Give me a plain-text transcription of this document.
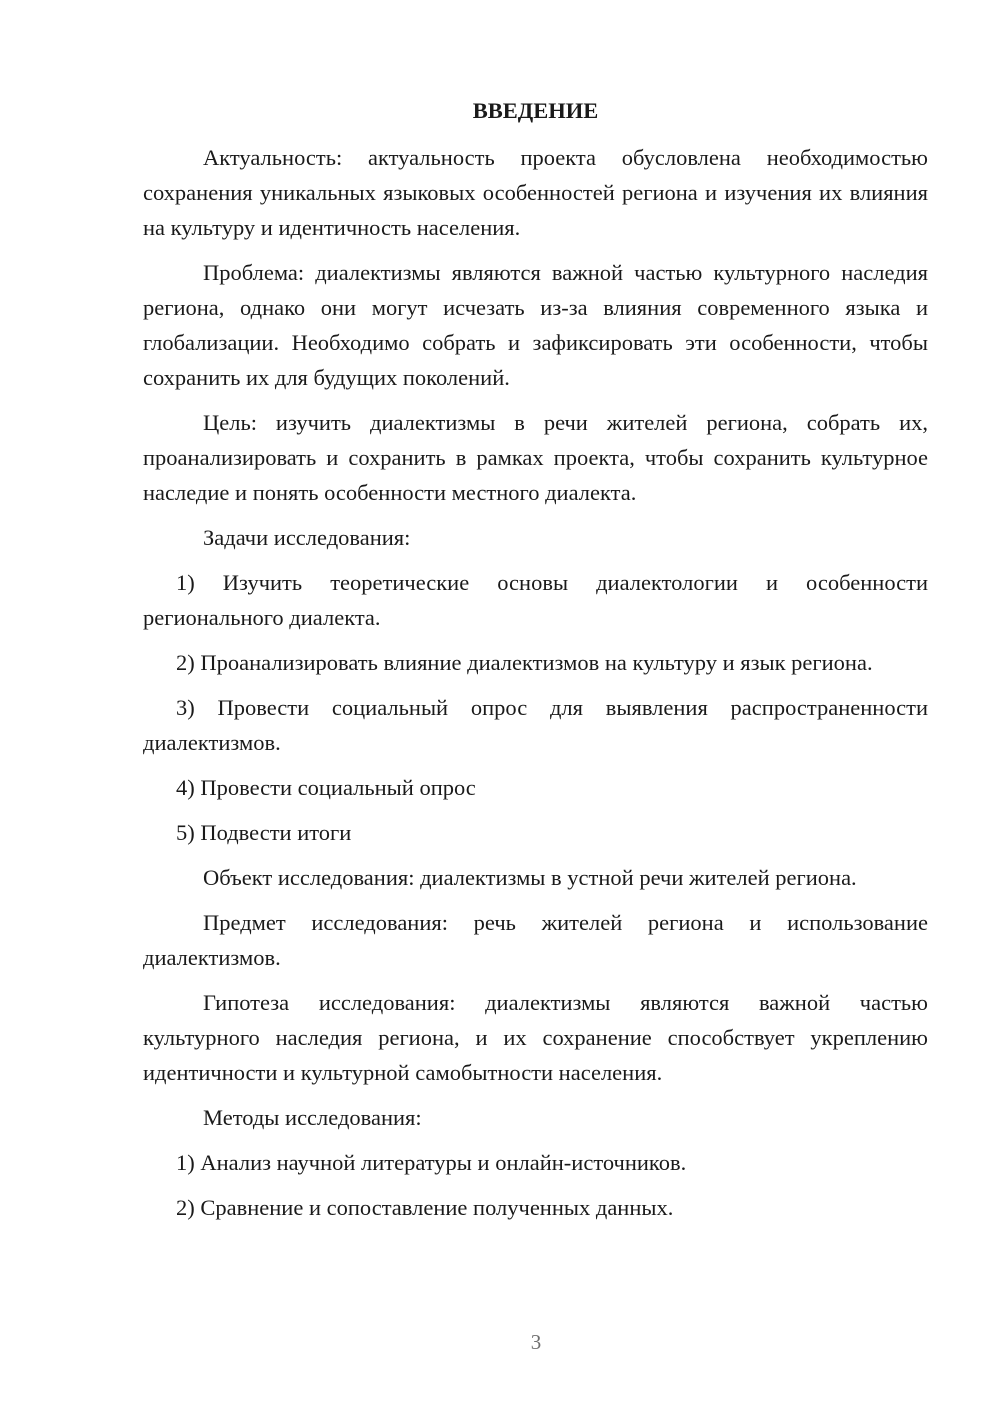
ВВЕДЕНИЕ
Актуальность: актуальность проекта обусловлена необходимостью сохранения уникальных языковых особенностей региона и изучения их влияния на культуру и идентичность населения.
Проблема: диалектизмы являются важной частью культурного наследия региона, однако они могут исчезать из-за влияния современного языка и глобализации. Необходимо собрать и зафиксировать эти особенности, чтобы сохранить их для будущих поколений.
Цель: изучить диалектизмы в речи жителей региона, собрать их, проанализировать и сохранить в рамках проекта, чтобы сохранить культурное наследие и понять особенности местного диалекта.
Задачи исследования:
1) Изучить теоретические основы диалектологии и особенности регионального диалекта.
2) Проанализировать влияние диалектизмов на культуру и язык региона.
3) Провести социальный опрос для выявления распространенности диалектизмов.
4) Провести социальный опрос
5) Подвести итоги
Объект исследования: диалектизмы в устной речи жителей региона.
Предмет исследования: речь жителей региона и использование диалектизмов.
Гипотеза исследования: диалектизмы являются важной частью культурного наследия региона, и их сохранение способствует укреплению идентичности и культурной самобытности населения.
Методы исследования:
1) Анализ научной литературы и онлайн-источников.
2) Сравнение и сопоставление полученных данных.
3
